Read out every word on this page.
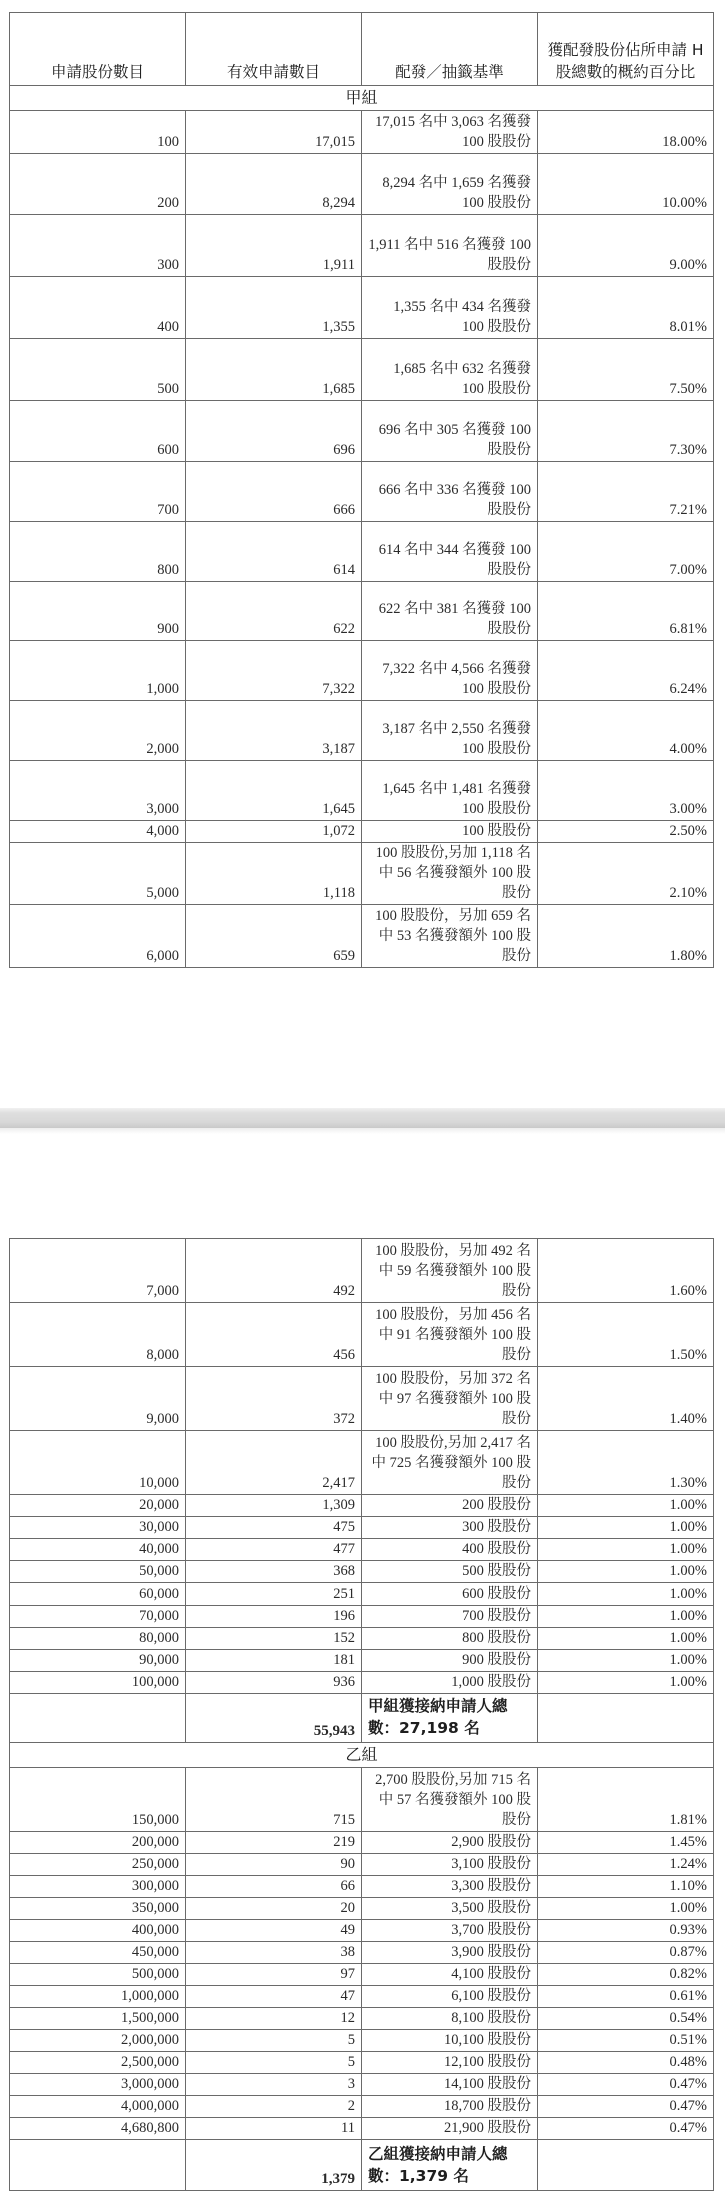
申請股份數目	有效申請數目	配發／抽籤基準	獲配發股份佔所申請 H 股總數的概約百分比
甲組			
100	17,015	17,015 名中 3,063 名獲發 100 股股份	18.00%
200	8,294	8,294 名中 1,659 名獲發 100 股股份	10.00%
300	1,911	1,911 名中 516 名獲發 100 股股份	9.00%
400	1,355	1,355 名中 434 名獲發 100 股股份	8.01%
500	1,685	1,685 名中 632 名獲發 100 股股份	7.50%
600	696	696 名中 305 名獲發 100 股股份	7.30%
700	666	666 名中 336 名獲發 100 股股份	7.21%
800	614	614 名中 344 名獲發 100 股股份	7.00%
900	622	622 名中 381 名獲發 100 股股份	6.81%
1,000	7,322	7,322 名中 4,566 名獲發 100 股股份	6.24%
2,000	3,187	3,187 名中 2,550 名獲發 100 股股份	4.00%
3,000	1,645	1,645 名中 1,481 名獲發 100 股股份	3.00%
4,000	1,072	100 股股份	2.50%
5,000	1,118	100 股股份,另加 1,118 名中 56 名獲發額外 100 股股份	2.10%
6,000	659	100 股股份，另加 659 名中 53 名獲發額外 100 股股份	1.80%
7,000	492	100 股股份，另加 492 名中 59 名獲發額外 100 股股份	1.60%
8,000	456	100 股股份，另加 456 名中 91 名獲發額外 100 股股份	1.50%
9,000	372	100 股股份，另加 372 名中 97 名獲發額外 100 股股份	1.40%
10,000	2,417	100 股股份,另加 2,417 名中 725 名獲發額外 100 股股份	1.30%
20,000	1,309	200 股股份	1.00%
30,000	475	300 股股份	1.00%
40,000	477	400 股股份	1.00%
50,000	368	500 股股份	1.00%
60,000	251	600 股股份	1.00%
70,000	196	700 股股份	1.00%
80,000	152	800 股股份	1.00%
90,000	181	900 股股份	1.00%
100,000	936	1,000 股股份	1.00%
	55,943	甲組獲接納申請人總數：27,198 名	
乙組			
150,000	715	2,700 股股份,另加 715 名中 57 名獲發額外 100 股股份	1.81%
200,000	219	2,900 股股份	1.45%
250,000	90	3,100 股股份	1.24%
300,000	66	3,300 股股份	1.10%
350,000	20	3,500 股股份	1.00%
400,000	49	3,700 股股份	0.93%
450,000	38	3,900 股股份	0.87%
500,000	97	4,100 股股份	0.82%
1,000,000	47	6,100 股股份	0.61%
1,500,000	12	8,100 股股份	0.54%
2,000,000	5	10,100 股股份	0.51%
2,500,000	5	12,100 股股份	0.48%
3,000,000	3	14,100 股股份	0.47%
4,000,000	2	18,700 股股份	0.47%
4,680,800	11	21,900 股股份	0.47%
	1,379	乙組獲接納申請人總數：1,379 名	
